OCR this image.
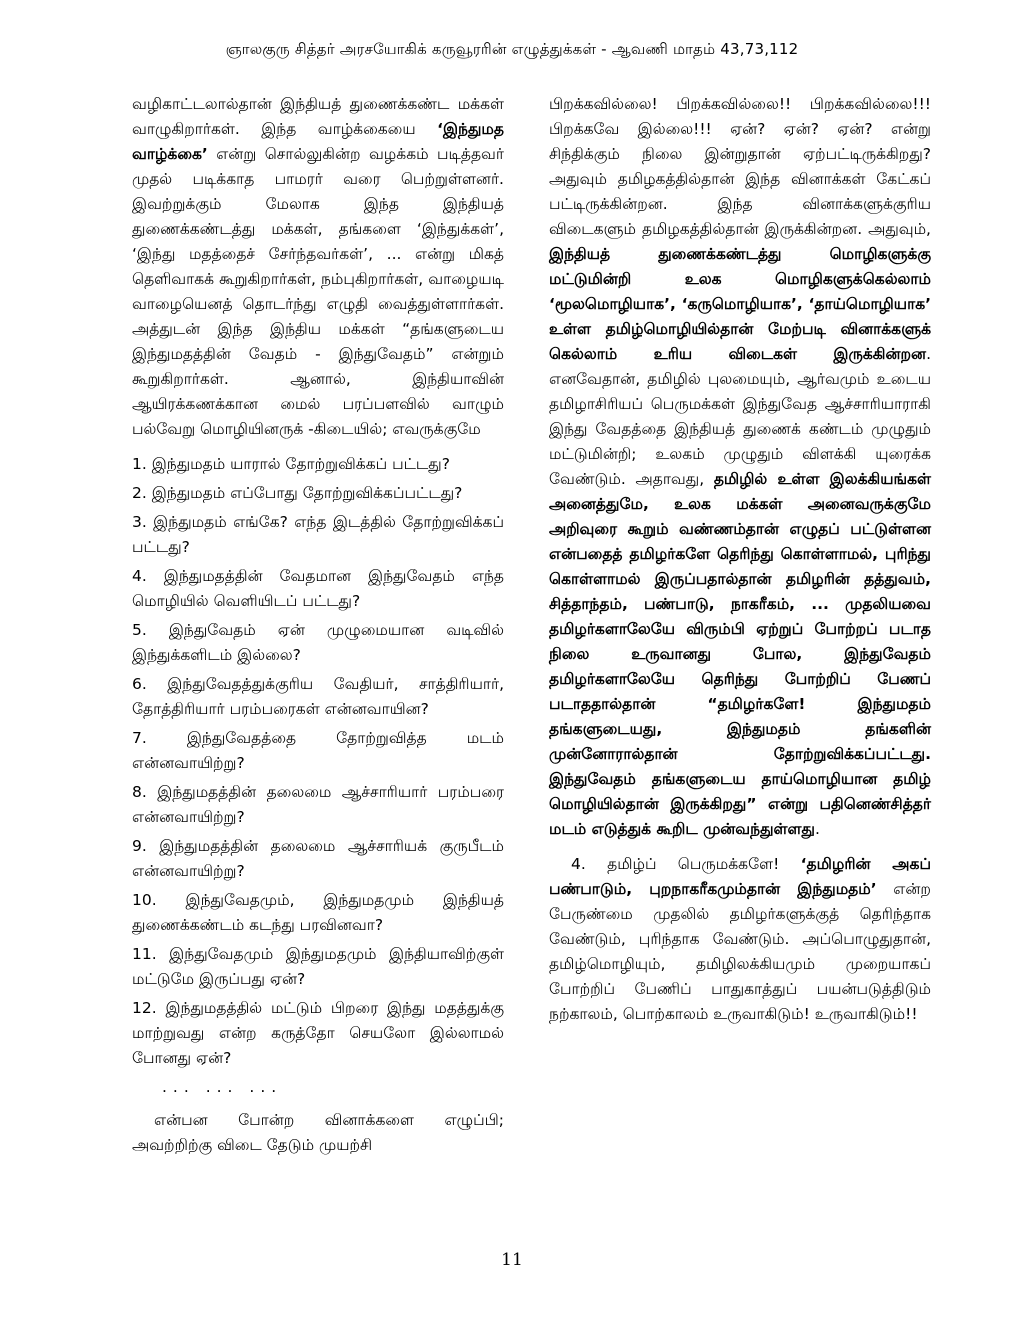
ஞாலகுரு சித்தர் அரசயோகிக் கருவூரரின் எழுத்துக்கள் - ஆவணி மாதம் 43,73,112

வழிகாட்டலால்தான் இந்தியத் துணைக்கண்ட மக்கள் வாழுகிறார்கள். இந்த வாழ்க்கையை ‘இந்துமத வாழ்க்கை’ என்று சொல்லுகின்ற வழக்கம் படித்தவர் முதல் படிக்காத பாமரர் வரை பெற்றுள்ளனர். இவற்றுக்கும் மேலாக இந்த இந்தியத் துணைக்கண்டத்து மக்கள், தங்களை ‘இந்துக்கள்’, ‘இந்து மதத்தைச் சேர்ந்தவர்கள்’, ... என்று மிகத் தெளிவாகக் கூறுகிறார்கள், நம்புகிறார்கள், வாழையடி வாழையெனத் தொடர்ந்து எழுதி வைத்துள்ளார்கள். அத்துடன் இந்த இந்திய மக்கள் “தங்களுடைய இந்துமதத்தின் வேதம் - இந்துவேதம்” என்றும் கூறுகிறார்கள். ஆனால், இந்தியாவின் ஆயிரக்கணக்கான மைல் பரப்பளவில் வாழும் பல்வேறு மொழியினருக் -கிடையில்; எவருக்குமே

1. இந்துமதம் யாரால் தோற்றுவிக்கப் பட்டது?

2. இந்துமதம் எப்போது தோற்றுவிக்கப்பட்டது?

3. இந்துமதம் எங்கே? எந்த இடத்தில் தோற்றுவிக்கப் பட்டது?

4. இந்துமதத்தின் வேதமான இந்துவேதம் எந்த மொழியில் வெளியிடப் பட்டது?

5. இந்துவேதம் ஏன் முழுமையான வடிவில் இந்துக்களிடம் இல்லை?

6. இந்துவேதத்துக்குரிய வேதியர், சாத்திரியார், தோத்திரியார் பரம்பரைகள் என்னவாயின?

7. இந்துவேதத்தை தோற்றுவித்த மடம் என்னவாயிற்று?

8. இந்துமதத்தின் தலைமை ஆச்சாரியார் பரம்பரை என்னவாயிற்று?

9. இந்துமதத்தின் தலைமை ஆச்சாரியக் குருபீடம் என்னவாயிற்று?

10. இந்துவேதமும், இந்துமதமும் இந்தியத் துணைக்கண்டம் கடந்து பரவினவா?

11. இந்துவேதமும் இந்துமதமும் இந்தியாவிற்குள் மட்டுமே இருப்பது ஏன்?

12. இந்துமதத்தில் மட்டும் பிறரை இந்து மதத்துக்கு மாற்றுவது என்ற கருத்தோ செயலோ இல்லாமல் போனது ஏன்?

... ... ...

என்பன போன்ற வினாக்களை எழுப்பி; அவற்றிற்கு விடை தேடும் முயற்சி

பிறக்கவில்லை! பிறக்கவில்லை!! பிறக்கவில்லை!!! பிறக்கவே இல்லை!!! ஏன்? ஏன்? ஏன்? என்று சிந்திக்கும் நிலை இன்றுதான் ஏற்பட்டிருக்கிறது? அதுவும் தமிழகத்தில்தான் இந்த வினாக்கள் கேட்கப் பட்டிருக்கின்றன. இந்த வினாக்களுக்குரிய விடைகளும் தமிழகத்தில்தான் இருக்கின்றன. அதுவும், இந்தியத் துணைக்கண்டத்து மொழிகளுக்கு மட்டுமின்றி உலக மொழிகளுக்கெல்லாம் ‘மூலமொழியாக’, ‘கருமொழியாக’, ‘தாய்மொழியாக’ உள்ள தமிழ்மொழியில்தான் மேற்படி வினாக்களுக் கெல்லாம் உரிய விடைகள் இருக்கின்றன. எனவேதான், தமிழில் புலமையும், ஆர்வமும் உடைய தமிழாசிரியப் பெருமக்கள் இந்துவேத ஆச்சாரியாராகி இந்து வேதத்தை இந்தியத் துணைக் கண்டம் முழுதும் மட்டுமின்றி; உலகம் முழுதும் விளக்கி யுரைக்க வேண்டும். அதாவது, தமிழில் உள்ள இலக்கியங்கள் அனைத்துமே, உலக மக்கள் அனைவருக்குமே அறிவுரை கூறும் வண்ணம்தான் எழுதப் பட்டுள்ளன என்பதைத் தமிழர்களே தெரிந்து கொள்ளாமல், புரிந்து கொள்ளாமல் இருப்பதால்தான் தமிழரின் தத்துவம், சித்தாந்தம், பண்பாடு, நாகரீகம், ... முதலியவை தமிழர்களாலேயே விரும்பி ஏற்றுப் போற்றப் படாத நிலை உருவானது போல, இந்துவேதம் தமிழர்களாலேயே தெரிந்து போற்றிப் பேணப் படாததால்தான் “தமிழர்களே! இந்துமதம் தங்களுடையது, இந்துமதம் தங்களின் முன்னோரால்தான் தோற்றுவிக்கப்பட்டது. இந்துவேதம் தங்களுடைய தாய்மொழியான தமிழ் மொழியில்தான் இருக்கிறது” என்று பதினெண்சித்தர் மடம் எடுத்துக் கூறிட முன்வந்துள்ளது.

4. தமிழ்ப் பெருமக்களே! ‘தமிழரின் அகப் பண்பாடும், புறநாகரீகமும்தான் இந்துமதம்’ என்ற பேருண்மை முதலில் தமிழர்களுக்குத் தெரிந்தாக வேண்டும், புரிந்தாக வேண்டும். அப்பொழுதுதான், தமிழ்மொழியும், தமிழிலக்கியமும் முறையாகப் போற்றிப் பேணிப் பாதுகாத்துப் பயன்படுத்திடும் நற்காலம், பொற்காலம் உருவாகிடும்! உருவாகிடும்!!

11
